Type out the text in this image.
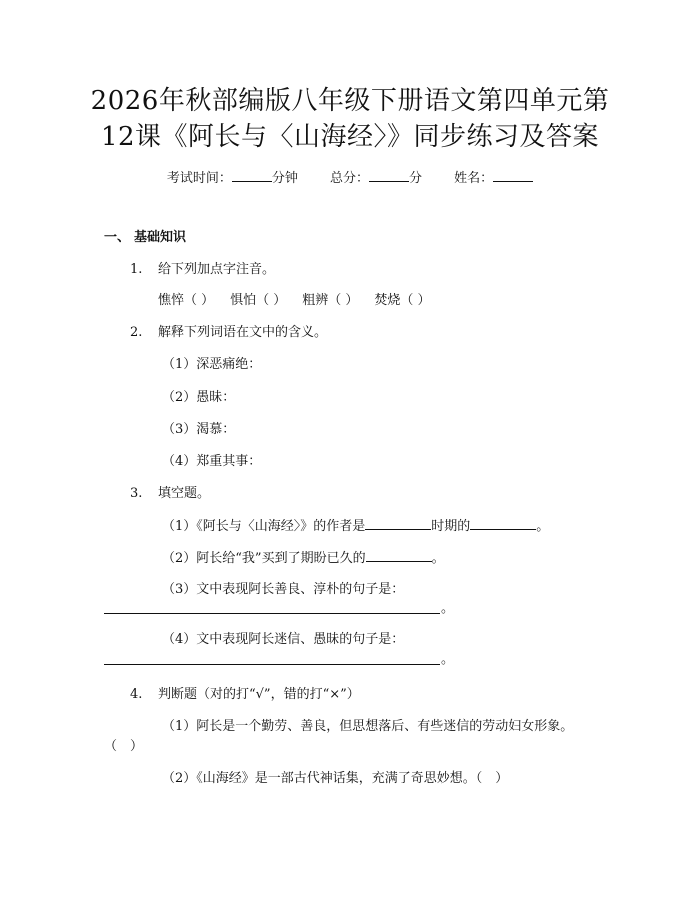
2026年秋部编版八年级下册语文第四单元第
12课《阿长与〈山海经〉》同步练习及答案
考试时间：	分钟 总分：	分 姓名：
一、 基础知识
1. 给下列加点字注音。
憔悴（ ） 惧怕（ ） 粗辨（ ） 焚烧（ ）
2. 解释下列词语在文中的含义。
（1）深恶痛绝：
（2）愚昧：
（3）渴慕：
（4）郑重其事：
3. 填空题。
（1）《阿长与〈山海经〉》的作者是	时期的	。
（2）阿长给“我”买到了期盼已久的	。
（3）文中表现阿长善良、淳朴的句子是：
。
（4）文中表现阿长迷信、愚昧的句子是：
。
4. 判断题（对的打“√”，错的打“×”）
（1）阿长是一个勤劳、善良，但思想落后、有些迷信的劳动妇女形象。
（　）
（2）《山海经》是一部古代神话集，充满了奇思妙想。（　）
